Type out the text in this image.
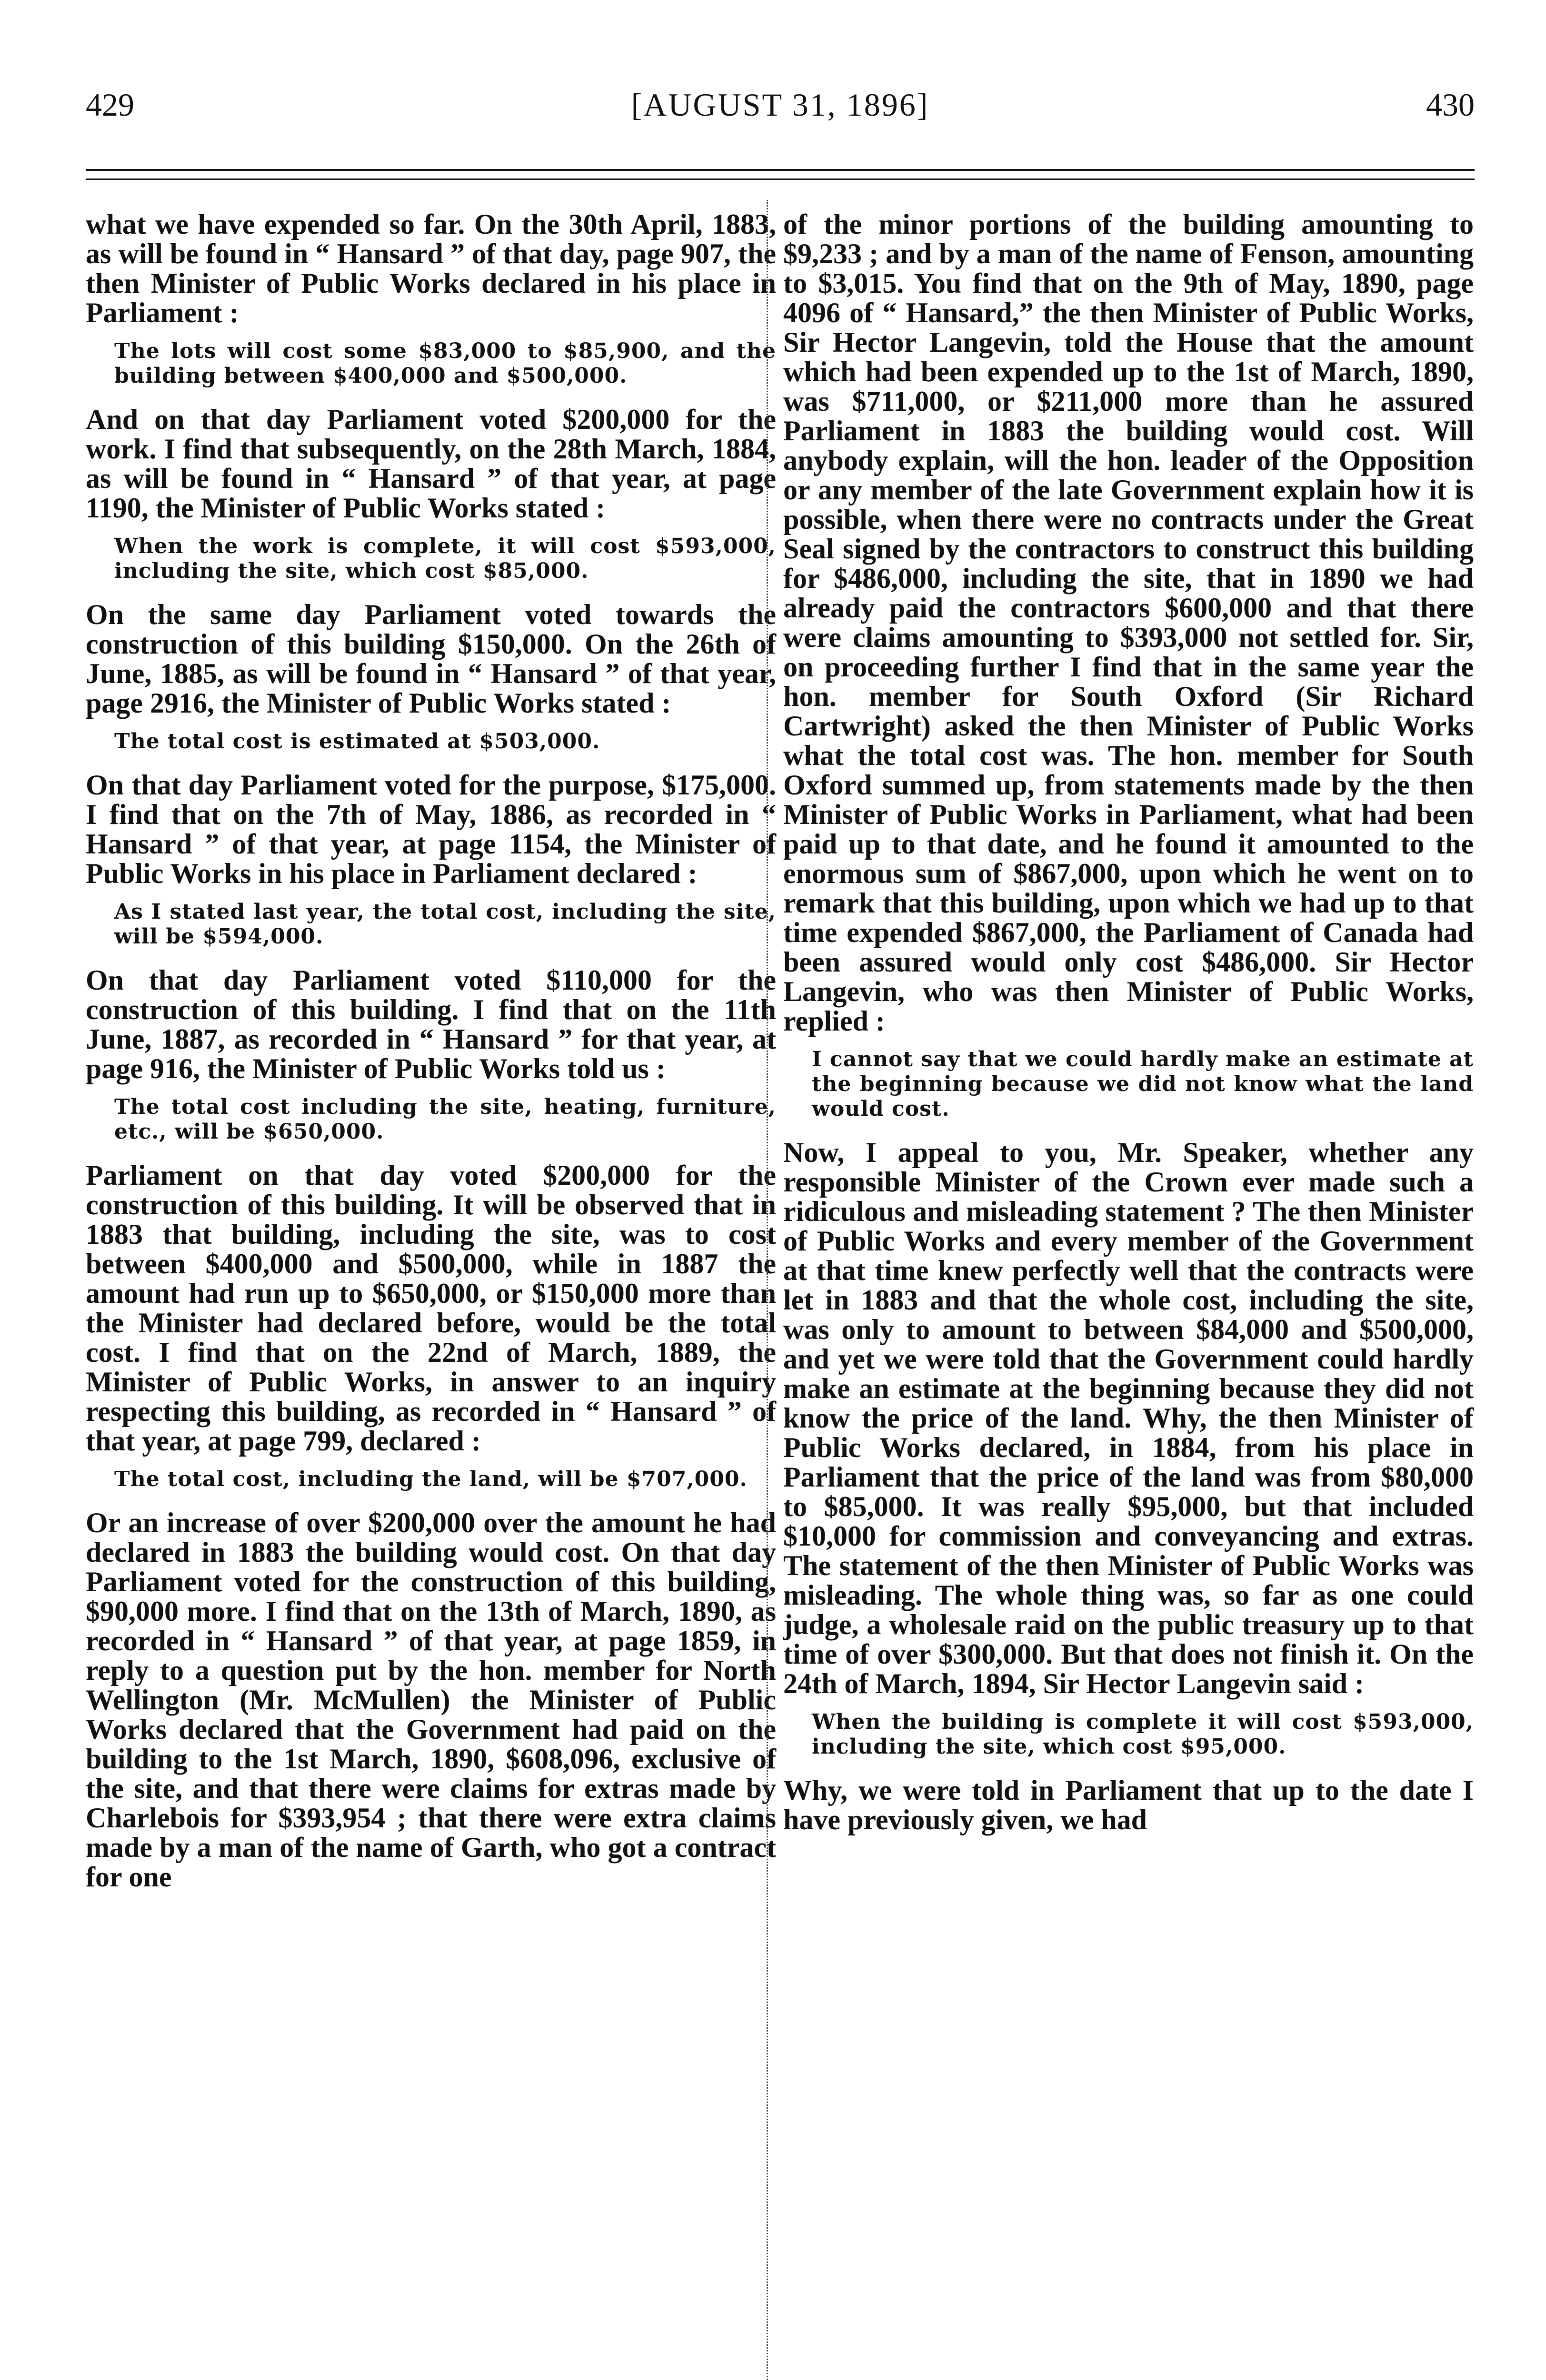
429	[AUGUST 31, 1896]	430

what we have expended so far. On the 30th April, 1883, as will be found in “ Hansard ” of that day, page 907, the then Minister of Public Works declared in his place in Parliament :

The lots will cost some $83,000 to $85,900, and the building between $400,000 and $500,000.

And on that day Parliament voted $200,000 for the work. I find that subsequently, on the 28th March, 1884, as will be found in “ Hansard ” of that year, at page 1190, the Minister of Public Works stated :

When the work is complete, it will cost $593,000, including the site, which cost $85,000.

On the same day Parliament voted towards the construction of this building $150,000. On the 26th of June, 1885, as will be found in “ Hansard ” of that year, page 2916, the Minister of Public Works stated :

The total cost is estimated at $503,000.

On that day Parliament voted for the purpose, $175,000. I find that on the 7th of May, 1886, as recorded in “ Hansard ” of that year, at page 1154, the Minister of Public Works in his place in Parliament declared :

As I stated last year, the total cost, including the site, will be $594,000.

On that day Parliament voted $110,000 for the construction of this building. I find that on the 11th June, 1887, as recorded in “ Hansard ” for that year, at page 916, the Minister of Public Works told us :

The total cost including the site, heating, furniture, etc., will be $650,000.

Parliament on that day voted $200,000 for the construction of this building. It will be observed that in 1883 that building, including the site, was to cost between $400,000 and $500,000, while in 1887 the amount had run up to $650,000, or $150,000 more than the Minister had declared before, would be the total cost. I find that on the 22nd of March, 1889, the Minister of Public Works, in answer to an inquiry respecting this building, as recorded in “ Hansard ” of that year, at page 799, declared :

The total cost, including the land, will be $707,000.

Or an increase of over $200,000 over the amount he had declared in 1883 the building would cost. On that day Parliament voted for the construction of this building, $90,000 more. I find that on the 13th of March, 1890, as recorded in “ Hansard ” of that year, at page 1859, in reply to a question put by the hon. member for North Wellington (Mr. McMullen) the Minister of Public Works declared that the Government had paid on the building to the 1st March, 1890, $608,096, exclusive of the site, and that there were claims for extras made by Charlebois for $393,954 ; that there were extra claims made by a man of the name of Garth, who got a contract for one

of the minor portions of the building amounting to $9,233 ; and by a man of the name of Fenson, amounting to $3,015. You find that on the 9th of May, 1890, page 4096 of “ Hansard,” the then Minister of Public Works, Sir Hector Langevin, told the House that the amount which had been expended up to the 1st of March, 1890, was $711,000, or $211,000 more than he assured Parliament in 1883 the building would cost. Will anybody explain, will the hon. leader of the Opposition or any member of the late Government explain how it is possible, when there were no contracts under the Great Seal signed by the contractors to construct this building for $486,000, including the site, that in 1890 we had already paid the contractors $600,000 and that there were claims amounting to $393,000 not settled for. Sir, on proceeding further I find that in the same year the hon. member for South Oxford (Sir Richard Cartwright) asked the then Minister of Public Works what the total cost was. The hon. member for South Oxford summed up, from statements made by the then Minister of Public Works in Parliament, what had been paid up to that date, and he found it amounted to the enormous sum of $867,000, upon which he went on to remark that this building, upon which we had up to that time expended $867,000, the Parliament of Canada had been assured would only cost $486,000. Sir Hector Langevin, who was then Minister of Public Works, replied :

I cannot say that we could hardly make an estimate at the beginning because we did not know what the land would cost.

Now, I appeal to you, Mr. Speaker, whether any responsible Minister of the Crown ever made such a ridiculous and misleading statement ? The then Minister of Public Works and every member of the Government at that time knew perfectly well that the contracts were let in 1883 and that the whole cost, including the site, was only to amount to between $84,000 and $500,000, and yet we were told that the Government could hardly make an estimate at the beginning because they did not know the price of the land. Why, the then Minister of Public Works declared, in 1884, from his place in Parliament that the price of the land was from $80,000 to $85,000. It was really $95,000, but that included $10,000 for commission and conveyancing and extras. The statement of the then Minister of Public Works was misleading. The whole thing was, so far as one could judge, a wholesale raid on the public treasury up to that time of over $300,000. But that does not finish it. On the 24th of March, 1894, Sir Hector Langevin said :

When the building is complete it will cost $593,000, including the site, which cost $95,000.

Why, we were told in Parliament that up to the date I have previously given, we had
